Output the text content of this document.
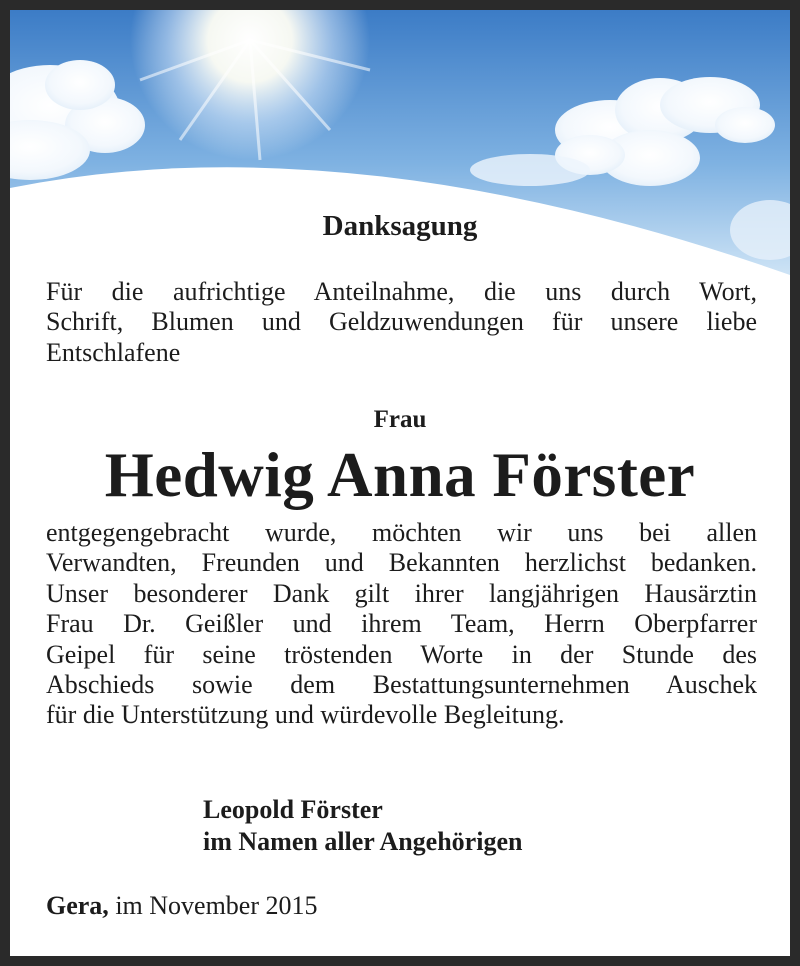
Danksagung
Für die aufrichtige Anteilnahme, die uns durch Wort,
Schrift, Blumen und Geldzuwendungen für unsere liebe
Entschlafene
Frau
Hedwig Anna Förster
entgegengebracht wurde, möchten wir uns bei allen
Verwandten, Freunden und Bekannten herzlichst bedanken.
Unser besonderer Dank gilt ihrer langjährigen Hausärztin
Frau Dr. Geißler und ihrem Team, Herrn Oberpfarrer
Geipel für seine tröstenden Worte in der Stunde des
Abschieds sowie dem Bestattungsunternehmen Auschek
für die Unterstützung und würdevolle Begleitung.
Leopold Förster
im Namen aller Angehörigen
Gera, im November 2015
